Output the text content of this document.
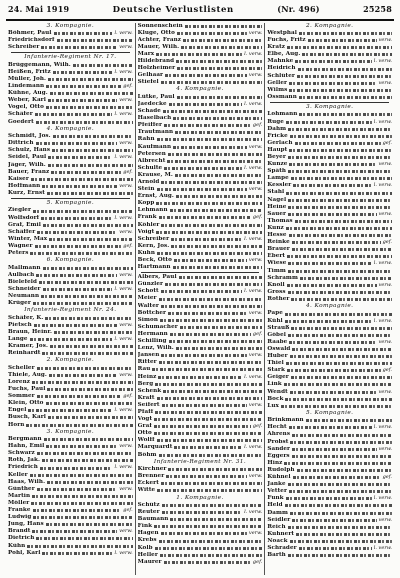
24. Mai 1919	Deutsche Verlustlisten	(Nr. 496)	25258
3. Kompagnie.
Böhmer, Paul	l. verw.
Friedrichsdorf
Schreiber	verw.
Infanterie-Regiment Nr. 17.
Brüggemann, Wilh.
Heißen, Fritz	l. verw.
Müller, Joh.
Lindemann	gef.
Kühne, Aug.
Weber, Karl	verw.
Vogel, Otto
Schäfer	l. verw.
Goedert
4. Kompagnie.
Schmidt, Jos.
Dittrich	verw.
Schulz, Hans
Seidel, Paul	l. verw.
Jäger, Wilh.
Bauer, Franz	gef.
Kaiser
Hoffmann	verw.
Kurz, Ernst
5. Kompagnie.
Ziegler
Wolfsdorf	l. verw.
Graf, Emil
Schäffer	verw.
Winter, Max
Wagner	gef.
Peters
6. Kompagnie.
Mallmann
Aulbach	verw.
Bielefeld
Schneider	l. verw.
Neumann
Krüger
Infanterie-Regiment Nr. 24.
Schäfer, K.
Pietsch	verw.
Braun, Heinr.
Lange	l. verw.
Kramer, Jos.
Reinhardt
2. Kompagnie.
Scheller
Thiele, Aug.	verw.
Lorenz
Fuchs, Paul
Sommer	gef.
Klein, Otto
Engel	l. verw.
Busch, Karl
Horn
3. Kompagnie.
Bergmann
Hahn, Emil	verw.
Schwarz
Roth, Jak.
Friedrich	l. verw.
Keller
Haas, Wilh.
Günther	verw.
Martin
Möller
Franke	gef.
Ludwig
Jung, Hans
Brandt	verw.
Dietrich
Kühn
Pohl, Karl	l. verw.
Sonnenschein
Kluge, Otto	verw.
Achter, Franz
Mauer, Wilh.
Marx	l. verw.
Hildebrand
Holzheimer
Gelhaar	verw.
Stiefel
4. Kompagnie.
Lütke, Paul
Jaedecke	l. verw.
Schade
Haselbach
Pfeiffer	gef.
Trautmann
Rahn
Kaufmann	verw.
Petersen
Albrecht
Schulte	l. verw.
Krause, M.
Arnold
Stein	verw.
Ernst, Aug.
Kopp
Lehmann
Frank	gef.
Köhler
Voigt
Schreiber	l. verw.
Kern, Jos.
Kuhn
Beck, Otto	verw.
Hartmann
Albers, Paul
Günzler
Schott	l. verw.
Meier
Walter
Böttcher	verw.
Simon
Schumacher
Hermann	gef.
Schilling
Lenz, Wilh.
Jansen	verw.
Ritter
Rau
Heinz	l. verw.
Berg
Schenk
Kraft
Seifert	verw.
Pfaff
Vogt
Graf	gef.
Otto
Wolff
Marquardt	l. verw.
Böhm
Infanterie-Regiment Nr. 31.
Kirchner
Brenner	verw.
Eckert
Witte
1. Kompagnie.
Schütz
Reuter	l. verw.
Baumann
Fink
Hagen	verw.
Krebs
Kolb
Heller
Maurer	gef.
2. Kompagnie.
Westphal
Fuchs, Fritz	verw.
Kratz
Elbe, Aug.
Mahnke	l. verw.
Heidrich
Schlüter
Geller	verw.
Wilms
Ossmann
3. Kompagnie.
Lohmann
Ruge	l. verw.
Dahm
Fricke
Gerlach	gef.
Haupt
Beyer
Kunze	verw.
Späth
Lampe
Kessler	l. verw.
Stahl
Nagel
Heine
Sauer	verw.
Thomas
Kunz
Hesse
Reinke	gef.
Brauer
Ebert
Wiese	l. verw.
Timm
Schramm
Knoll	verw.
Gross
Rother
4. Kompagnie.
Pape
Kühl	l. verw.
Strauß
Göbel
Raabe	verw.
Oswald
Huber
Thiel
Stark	gef.
Geiger
Link
Wendt	verw.
Bock
Lux
5. Kompagnie.
Brinkmann
Hecht	l. verw.
Ahrens
Probst
Sander	verw.
Eggers
Hinz
Rudolph
Kühnel	gef.
Janke
Vetter
Funk	l. verw.
Held
Damm
Seidler	verw.
Reich
Kuhnert
Noack
Schrader	l. verw.
Barth
